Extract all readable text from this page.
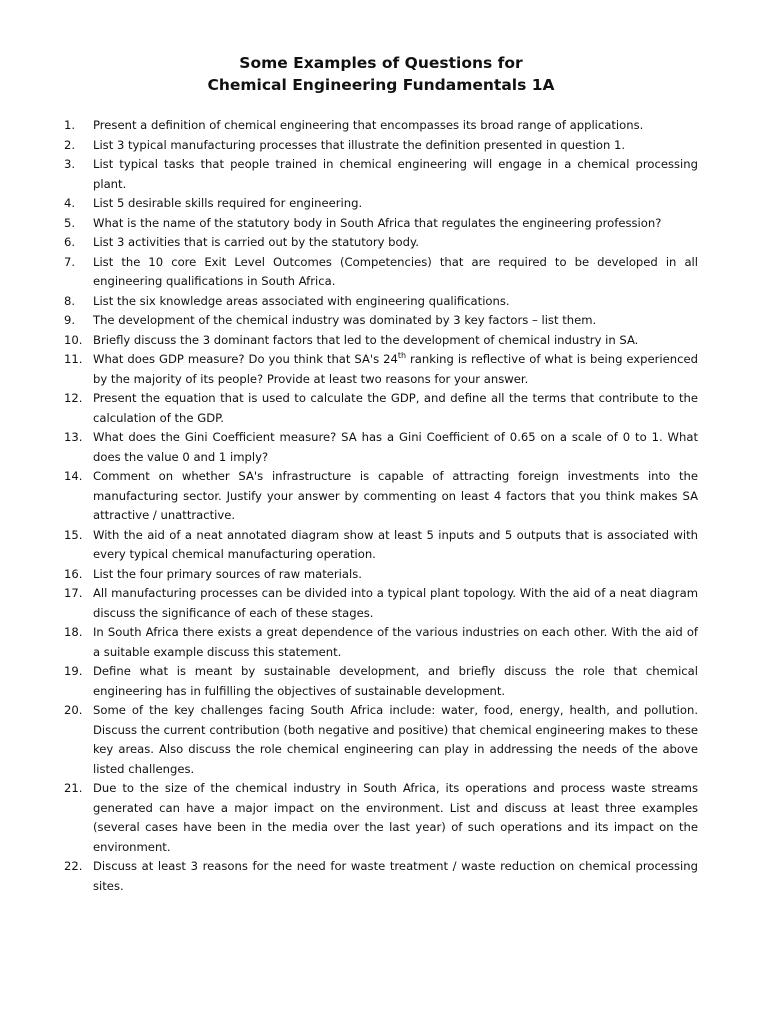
Some Examples of Questions for
Chemical Engineering Fundamentals 1A
1.	Present a definition of chemical engineering that encompasses its broad range of applications.
2.	List 3 typical manufacturing processes that illustrate the definition presented in question 1.
3.	List typical tasks that people trained in chemical engineering will engage in a chemical processing plant.
4.	List 5 desirable skills required for engineering.
5.	What is the name of the statutory body in South Africa that regulates the engineering profession?
6.	List 3 activities that is carried out by the statutory body.
7.	List the 10 core Exit Level Outcomes (Competencies) that are required to be developed in all engineering qualifications in South Africa.
8.	List the six knowledge areas associated with engineering qualifications.
9.	The development of the chemical industry was dominated by 3 key factors – list them.
10. Briefly discuss the 3 dominant factors that led to the development of chemical industry in SA.
11. What does GDP measure? Do you think that SA's 24th ranking is reflective of what is being experienced by the majority of its people? Provide at least two reasons for your answer.
12. Present the equation that is used to calculate the GDP, and define all the terms that contribute to the calculation of the GDP.
13. What does the Gini Coefficient measure? SA has a Gini Coefficient of 0.65 on a scale of 0 to 1. What does the value 0 and 1 imply?
14. Comment on whether SA's infrastructure is capable of attracting foreign investments into the manufacturing sector. Justify your answer by commenting on least 4 factors that you think makes SA attractive / unattractive.
15. With the aid of a neat annotated diagram show at least 5 inputs and 5 outputs that is associated with every typical chemical manufacturing operation.
16. List the four primary sources of raw materials.
17. All manufacturing processes can be divided into a typical plant topology. With the aid of a neat diagram discuss the significance of each of these stages.
18. In South Africa there exists a great dependence of the various industries on each other. With the aid of a suitable example discuss this statement.
19. Define what is meant by sustainable development, and briefly discuss the role that chemical engineering has in fulfilling the objectives of sustainable development.
20. Some of the key challenges facing South Africa include: water, food, energy, health, and pollution. Discuss the current contribution (both negative and positive) that chemical engineering makes to these key areas. Also discuss the role chemical engineering can play in addressing the needs of the above listed challenges.
21. Due to the size of the chemical industry in South Africa, its operations and process waste streams generated can have a major impact on the environment. List and discuss at least three examples (several cases have been in the media over the last year) of such operations and its impact on the environment.
22. Discuss at least 3 reasons for the need for waste treatment / waste reduction on chemical processing sites.
